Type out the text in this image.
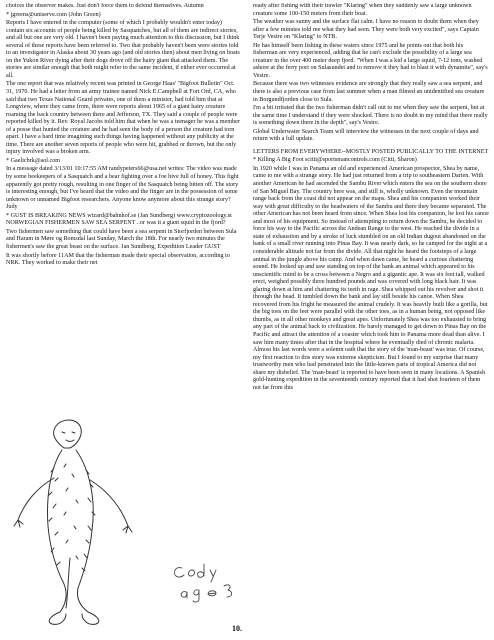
choices the observer makes. Just don't force them to defend themselves. Autumn

* jgreens@uniserve.com (John Green)

Reports I have entered in the computer (some of which I probably wouldn't enter today) contain six accounts of people being killed by Sasquatches, but all of them are indirect stories, and all but one are very old. I haven't been paying much attention to this discussion, but I think several of these reports have been referred to. Two that probably haven't been were stories told to an investigator in Alaska about 30 years ago (and old stories then) about men living on boats on the Yukon River dying after their dogs drove off the hairy giant that attacked them. The stories are similar enough that both might refer to the same incident, if either ever occurred at all.

The one report that was relatively recent was printed in George Haas' "Bigfoot Bulletin" Oct. 31, 1970. He had a letter from an army trainee named Nick E.Campbell at Fort Ord, CA, who said that two Texas National Guard privates, one of them a minister, had told him that at Longview, where they came from, there were reports about 1965 of a giant hairy creature roaming the back country between there and Jefferson, TX. They said a couple of people were reported killed by it. Rev. Royal Jacobs told him that when he was a teenager he was a member of a posse that hunted the creature and he had seen the body of a person the creature had torn apart. I have a hard time imagining such things having happened without any publicity at the time. There are another seven reports of people who were hit, grabbed or thrown, but the only injury involved was a broken arm.

* Gaelicbrk@aol.com

In a message dated 3/13/01 10:17:55 AM randypeters66@usa.net writes: The video was made by some beekeepers of a Sasquatch and a bear fighting over a foe hive full of honey. This fight apparently got pretty rough, resulting in one finger of the Sasquatch being bitten off. The story is interesting enough, but I've heard that the video and the finger are in the possession of some unknown or unnamed Bigfoot researchers. Anyone know anymore about this strange story? Judy

* GUST IS BREAKING NEWS wizard@bahnhof.se (Jan Sundberg) www.cryptozoology.st NORWEGIAN FISHERMEN SAW SEA SERPENT ..or was it a giant squid in the fjord?

Two fishermen saw something that could have been a sea serpent in Storfjorden between Sula and Haram in Møre og Romsdal last Sunday, March the 18th. For nearly two minutes the fishermen's saw the great beast on the surface. Jan Sundberg, Expedition Leader GUST

It was shortly before 11AM that the fisherman made their special observation, according to NRK. They worked to make their net

ready after fishing with their trawler "Klaring" when they suddenly saw a large unknown creature some 100-150 meters from their boat.

The weather was sunny and the surface flat calm. I have no reason to doubt them when they after a few minutes told me what they had seen. They were both very excited", says Captain Terje Vestre on "Klaring" to NTB.

He has himself been fishing in these waters since 1975 and he points out that both his fisherman are very experienced, adding that he can't exclude the possibility of a large sea creature in the over 400 meter deep fjord. "When I was a kid a large squid, 7-12 tons, washed ashore at the ferry port on Sulasundet and to remove it they had to blast it with dynamite", say's Vestre.

Because there was two witnesses evidence are strongly that they really saw a sea serpent, and there is also a previous case from last summer when a man filmed an unidentified sea creature in Borgundfjorden close to Sula.

I'm a bit irritated that the two fisherman didn't call out to me when they saw the serpent, but at the same time I understand if they were shocked. There is no doubt in my mind that there really is something down there in the depth", say's Vestre.

Global Underwater Search Team will interview the witnesses in the next couple of days and return with a full update.

LETTERS FROM EVERYWHERE--MOSTLY POSTED PUBLICALLY TO THE INTERNET

* Killing A Big Foot scitti@sportsmancontrols.com (Citti, Sharon)

In 1920 while I was in Panama an old and experienced American prospector, Shea by name, came to me with a strange story. He had just returned from a trip to southeastern Darien. With another American he had ascended the Sambu River which enters the sea on the southern shore of San Miguel Bay. The country here was, and still is, wholly unknown. Even the mountain range back from the coast did not appear on the maps. Shea and his companion worked their way with great difficulty to the headwaters of the Sambu and there they became separated. The other American has not been heard from since. When Shea lost his companion, he lost his canoe and most of his equipment. So instead of attempting to return down the Sambu, he decided to force his way to the Pacific across the Andean Range to the west. He reached the divide in a state of exhaustion and by a stroke of luck stumbled on an old Indian dugout abandoned on the bank of a small river running into Pinas Bay. It was nearly dark, so he camped for the night at a considerable altitude not far from the divide. All that night he heard the footsteps of a large animal in the jungle above his camp. And when dawn came, he heard a curious chattering sound. He looked up and saw standing on top of the bank an animal which appeared to his unscientific mind to be a cross between a Negro and a gigantic ape. It was six feet tall, walked erect, weighed possibly three hundred pounds and was covered with long black hair. It was glaring down at him and chattering its teeth in rage. Shea whipped out his revolver and shot it through the head. It tumbled down the bank and lay still beside his canoe. When Shea recovered from his fright he measured the animal crudely. It was heavily built like a gorilla, but the big toes on the feet were parallel with the other toes, as in a human being, not opposed like thumbs, as in all other monkeys and great apes. Unfortunately Shea was too exhausted to bring any part of the animal back to civilization. He barely managed to get down to Pinas Bay on the Pacific and attract the attention of a coaster which took him to Panama more dead than alive. I saw him many times after that in the hospital where he eventually died of chronic malaria. Almost his last words were a solemn oath that the story of the 'man-beast' was true. Of course, my first reaction to this story was extreme skepticism. But I found to my surprise that many trustworthy men who had penetrated into the little-known parts of tropical America did not share my disbelief. The 'man-beast' is reported to have been seen in many locations. A Spanish gold-hunting expedition in the seventeenth century reported that it had shot fourteen of them not far from this

10.
